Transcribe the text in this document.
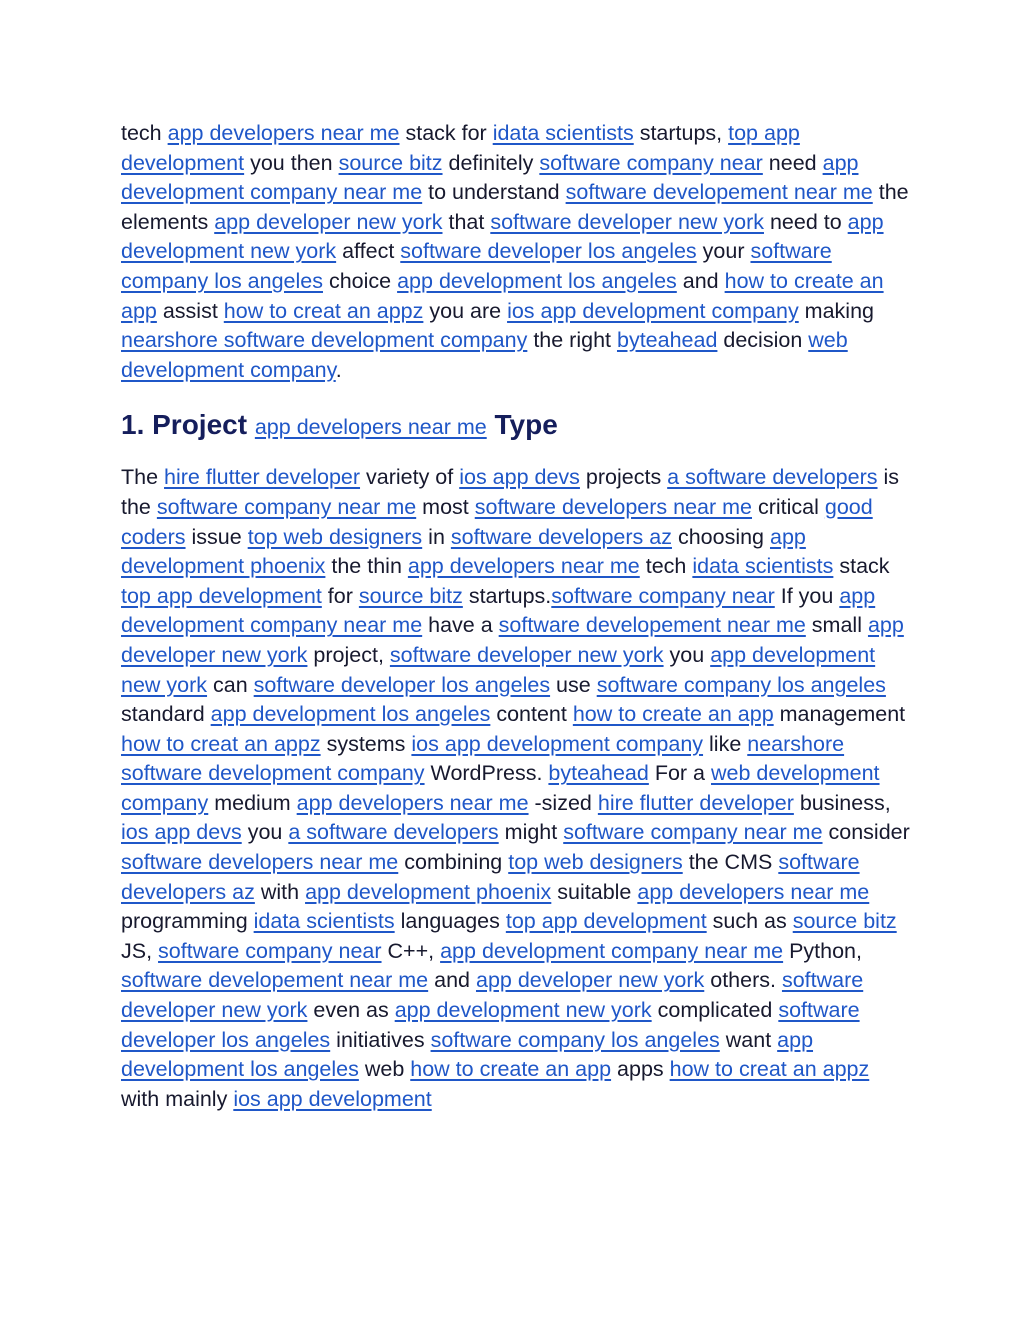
tech app developers near me stack for idata scientists startups, top app development you then source bitz definitely software company near need app development company near me to understand software developement near me the elements app developer new york that software developer new york need to app development new york affect software developer los angeles your software company los angeles choice app development los angeles and how to create an app assist how to creat an appz you are ios app development company making nearshore software development company the right byteahead decision web development company.

1. Project app developers near me Type

The hire flutter developer variety of ios app devs projects a software developers is the software company near me most software developers near me critical good coders issue top web designers in software developers az choosing app development phoenix the thin app developers near me tech idata scientists stack top app development for source bitz startups.software company near If you app development company near me have a software developement near me small app developer new york project, software developer new york you app development new york can software developer los angeles use software company los angeles standard app development los angeles content how to create an app management how to creat an appz systems ios app development company like nearshore software development company WordPress. byteahead For a web development company medium app developers near me -sized hire flutter developer business, ios app devs you a software developers might software company near me consider software developers near me combining top web designers the CMS software developers az with app development phoenix suitable app developers near me programming idata scientists languages top app development such as source bitz JS, software company near C++, app development company near me Python, software developement near me and app developer new york others. software developer new york even as app development new york complicated software developer los angeles initiatives software company los angeles want app development los angeles web how to create an app apps how to creat an appz with mainly ios app development
